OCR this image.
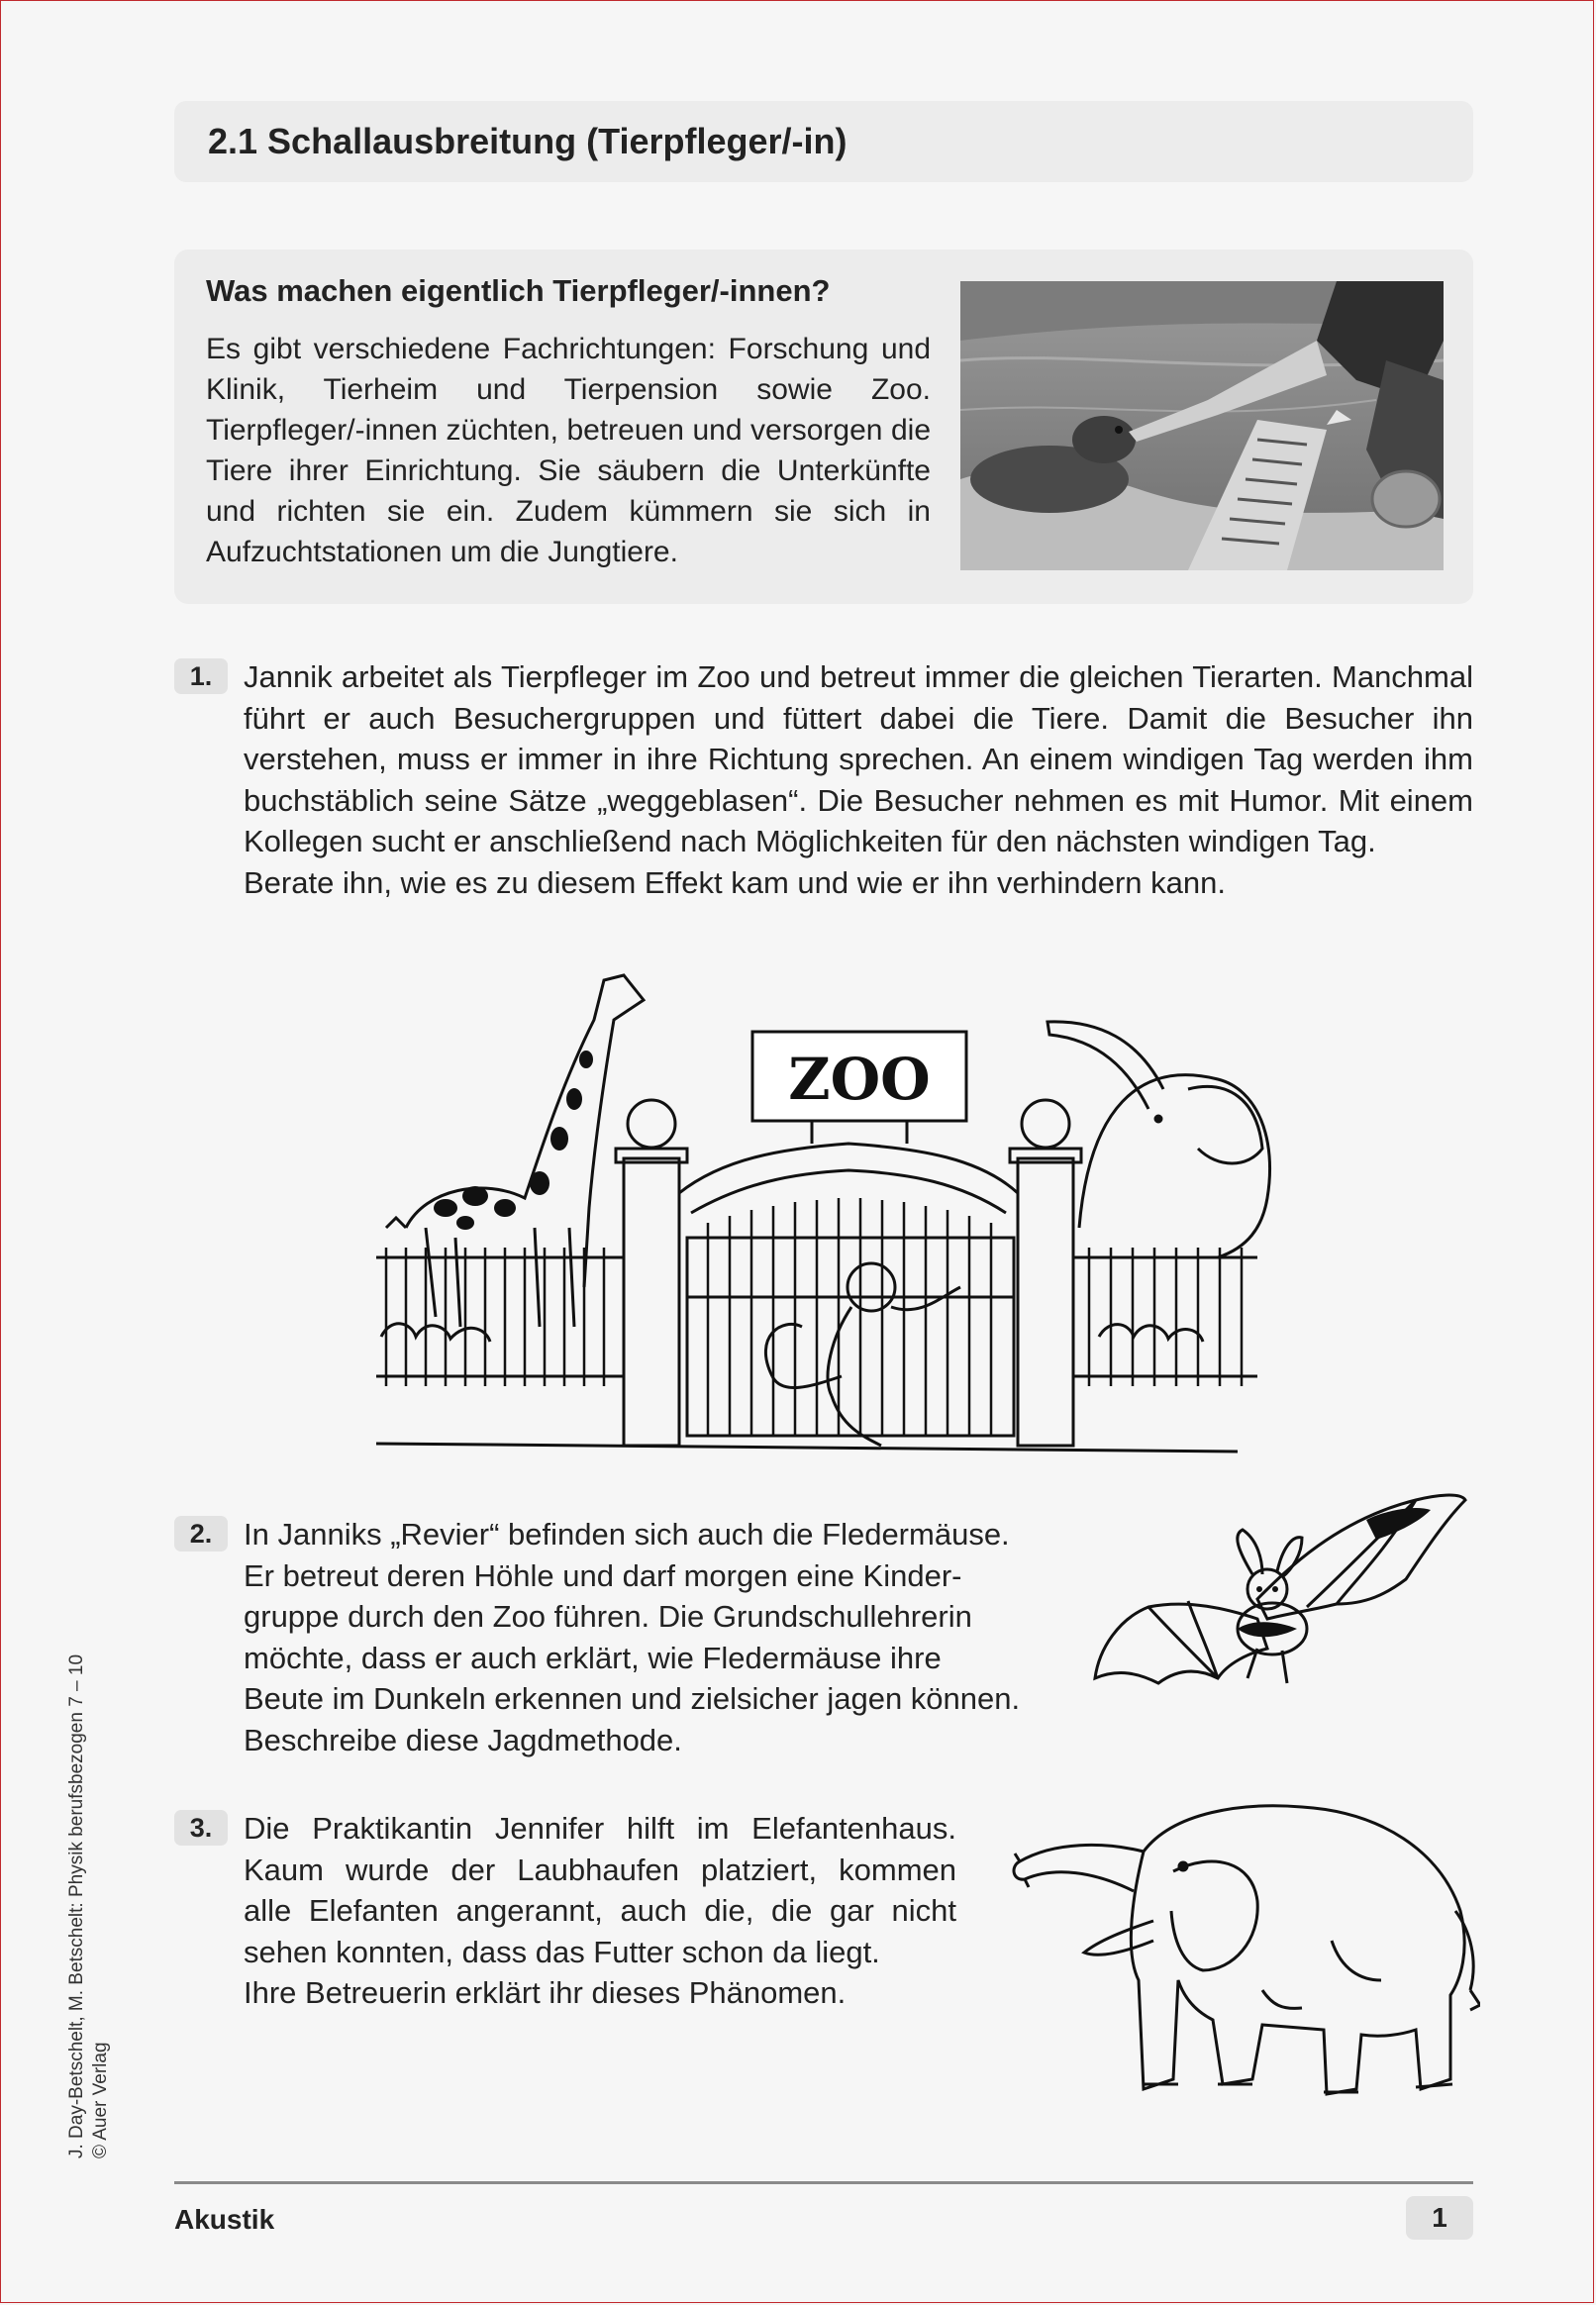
2.1 Schallausbreitung (Tierpfleger/-in)
Was machen eigentlich Tierpfleger/-innen?

Es gibt verschiedene Fachrichtungen: Forschung und Klinik, Tierheim und Tierpension sowie Zoo. Tierpfleger/-innen züchten, betreuen und versorgen die Tiere ihrer Einrichtung. Sie säubern die Unterkünfte und richten sie ein. Zudem kümmern sie sich in Aufzuchtstationen um die Jungtiere.

1.	Jannik arbeitet als Tierpfleger im Zoo und betreut immer die gleichen Tierarten. Manchmal führt er auch Besuchergruppen und füttert dabei die Tiere. Damit die Besucher ihn verstehen, muss er immer in ihre Richtung sprechen. An einem windigen Tag werden ihm buchstäblich seine Sätze „weggeblasen“. Die Besucher nehmen es mit Humor. Mit einem Kollegen sucht er anschließend nach Möglichkeiten für den nächsten windigen Tag.

Berate ihn, wie es zu diesem Effekt kam und wie er ihn verhindern kann.

ZOO
2.	In Janniks „Revier“ befinden sich auch die Fledermäuse.
Er betreut deren Höhle und darf morgen eine Kinder-
gruppe durch den Zoo führen. Die Grundschullehrerin
möchte, dass er auch erklärt, wie Fledermäuse ihre
Beute im Dunkeln erkennen und zielsicher jagen können.
Beschreibe diese Jagdmethode.
3.	Die Praktikantin Jennifer hilft im Elefantenhaus.
Kaum wurde der Laubhaufen platziert, kommen
alle Elefanten angerannt, auch die, die gar nicht
sehen konnten, dass das Futter schon da liegt.
Ihre Betreuerin erklärt ihr dieses Phänomen.
Akustik	1
J. Day-Betschelt, M. Betschelt: Physik berufsbezogen 7 – 10 © Auer Verlag
